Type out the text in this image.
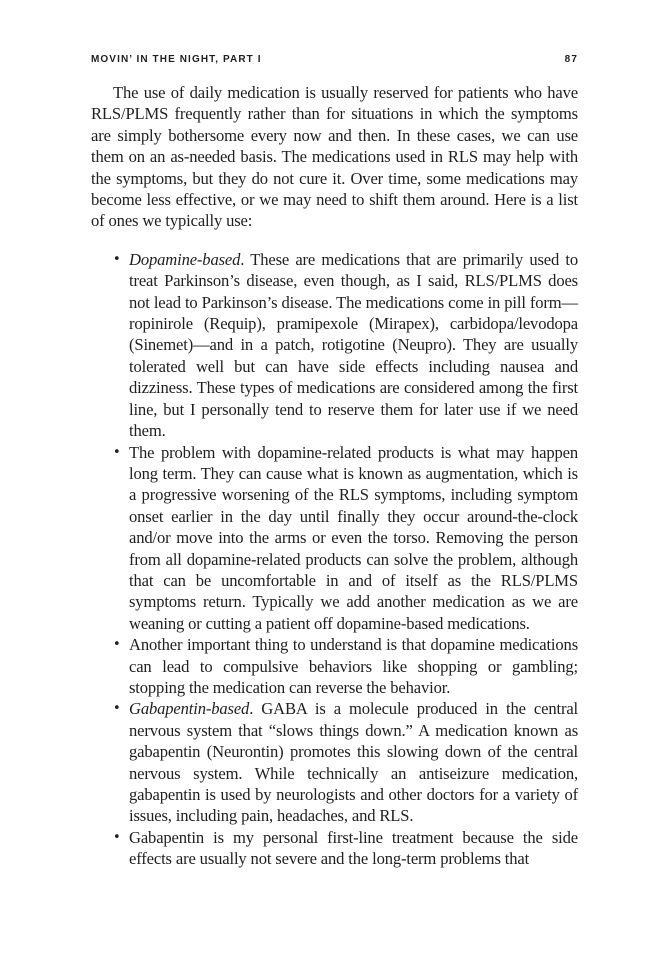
MOVIN’ IN THE NIGHT, PART I	87

The use of daily medication is usually reserved for patients who have RLS/PLMS frequently rather than for situations in which the symptoms are simply bothersome every now and then. In these cases, we can use them on an as-needed basis. The medications used in RLS may help with the symptoms, but they do not cure it. Over time, some medications may become less effective, or we may need to shift them around. Here is a list of ones we typically use:

• Dopamine-based. These are medications that are primarily used to treat Parkinson’s disease, even though, as I said, RLS/PLMS does not lead to Parkinson’s disease. The medications come in pill form—ropinirole (Requip), pramipexole (Mirapex), carbidopa/levodopa (Sinemet)—and in a patch, rotigotine (Neupro). They are usually tolerated well but can have side effects including nausea and dizziness. These types of medications are considered among the first line, but I personally tend to reserve them for later use if we need them.
• The problem with dopamine-related products is what may happen long term. They can cause what is known as augmentation, which is a progressive worsening of the RLS symptoms, including symptom onset earlier in the day until finally they occur around-the-clock and/or move into the arms or even the torso. Removing the person from all dopamine-related products can solve the problem, although that can be uncomfortable in and of itself as the RLS/PLMS symptoms return. Typically we add another medication as we are weaning or cutting a patient off dopamine-based medications.
• Another important thing to understand is that dopamine medications can lead to compulsive behaviors like shopping or gambling; stopping the medication can reverse the behavior.
• Gabapentin-based. GABA is a molecule produced in the central nervous system that “slows things down.” A medication known as gabapentin (Neurontin) promotes this slowing down of the central nervous system. While technically an antiseizure medication, gabapentin is used by neurologists and other doctors for a variety of issues, including pain, headaches, and RLS.
• Gabapentin is my personal first-line treatment because the side effects are usually not severe and the long-term problems that
